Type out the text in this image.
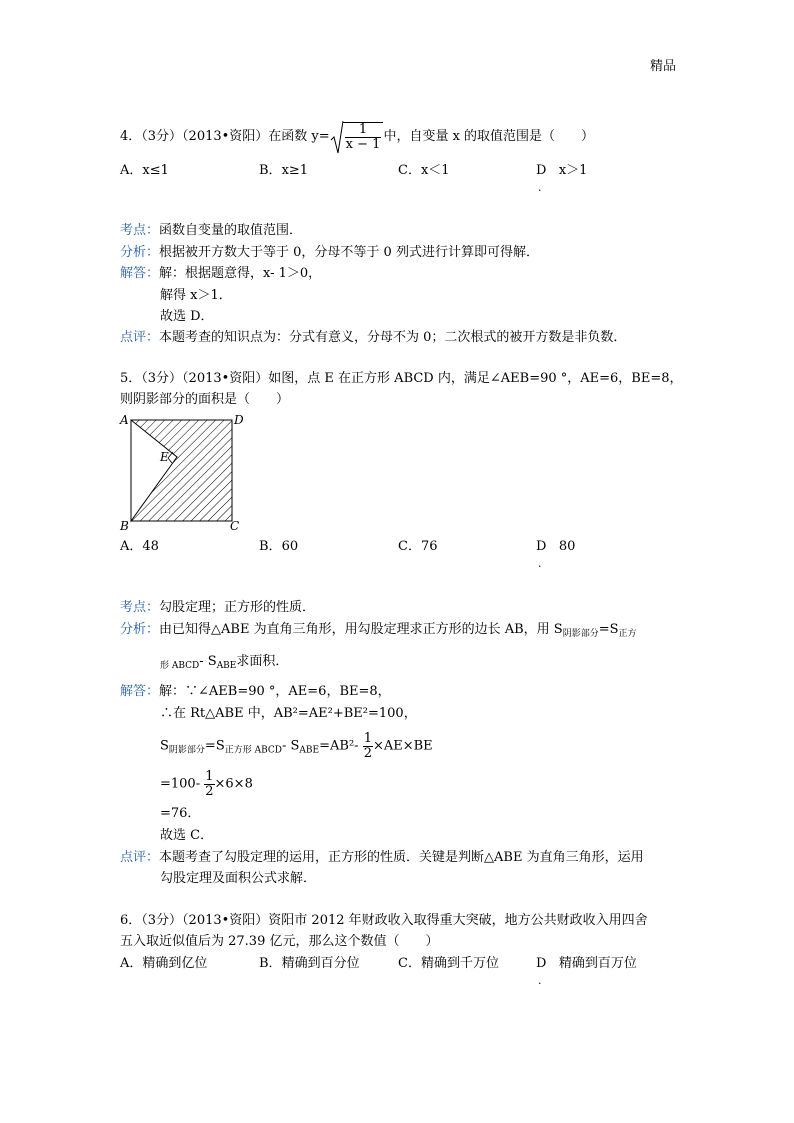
精品
4．（3分）（2013•资阳）在函数 $y= \frac{1}{x - 1}$ 中，自变量 x 的取值范围是（　　）
A．x≤1	B．x≥1	C．x＜1	D x＞1
.
考点：函数自变量的取值范围．
分析：根据被开方数大于等于 0，分母不等于 0 列式进行计算即可得解．
解答：解：根据题意得，x- 1＞0，
解得 x＞1．
故选 D．
点评：本题考查的知识点为：分式有意义，分母不为 0；二次根式的被开方数是非负数．
5．（3分）（2013•资阳）如图，点 E 在正方形 ABCD 内，满足∠AEB=90 °，AE=6，BE=8，
则阴影部分的面积是（　　）
A	D
E
B	C
A．48	B．60	C．76	D 80
.
考点：勾股定理；正方形的性质．
分析：由已知得△ABE 为直角三角形，用勾股定理求正方形的边长 AB，用 $S_{阴影部分}=S_{正方}$
$_{形 ABCD}$- $S_{ABE}$求面积．
解答：解：∵∠AEB=90 °，AE=6，BE=8，
∴在 Rt△ABE 中，AB²=AE²+BE²=100，
$S_{阴影部分}=S_{正方形 ABCD}-$ $S_{ABE}=AB^2- \frac{1}{2} \times AE\times BE$
$=100- \frac{1}{2} \times 6\times 8$
=76．
故选 C．
点评：本题考查了勾股定理的运用，正方形的性质．关键是判断△ABE 为直角三角形，运用
勾股定理及面积公式求解．
6．（3分）（2013•资阳）资阳市 2012 年财政收入取得重大突破，地方公共财政收入用四舍
五入取近似值后为 27.39 亿元，那么这个数值（　　）
A．精确到亿位	B．精确到百分位	C．精确到千万位	D 精确到百万位
.
